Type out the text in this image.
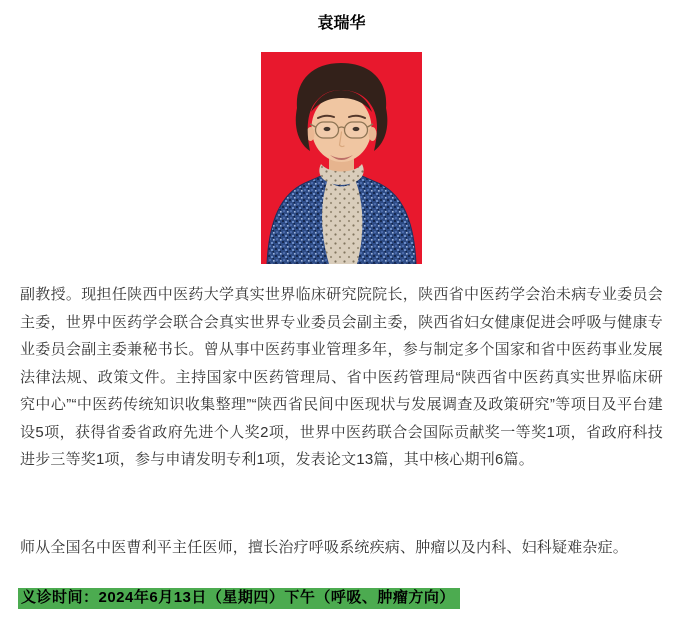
袁瑞华

副教授。现担任陕西中医药大学真实世界临床研究院院长，陕西省中医药学会治未病专业委员会主委，世界中医药学会联合会真实世界专业委员会副主委，陕西省妇女健康促进会呼吸与健康专业委员会副主委兼秘书长。曾从事中医药事业管理多年，参与制定多个国家和省中医药事业发展法律法规、政策文件。主持国家中医药管理局、省中医药管理局“陕西省中医药真实世界临床研究中心”“中医药传统知识收集整理”“陕西省民间中医现状与发展调查及政策研究”等项目及平台建设5项，获得省委省政府先进个人奖2项，世界中医药联合会国际贡献奖一等奖1项，省政府科技进步三等奖1项，参与申请发明专利1项，发表论文13篇，其中核心期刊6篇。

师从全国名中医曹利平主任医师，擅长治疗呼吸系统疾病、肿瘤以及内科、妇科疑难杂症。

义诊时间：2024年6月13日（星期四）下午（呼吸、肿瘤方向）
